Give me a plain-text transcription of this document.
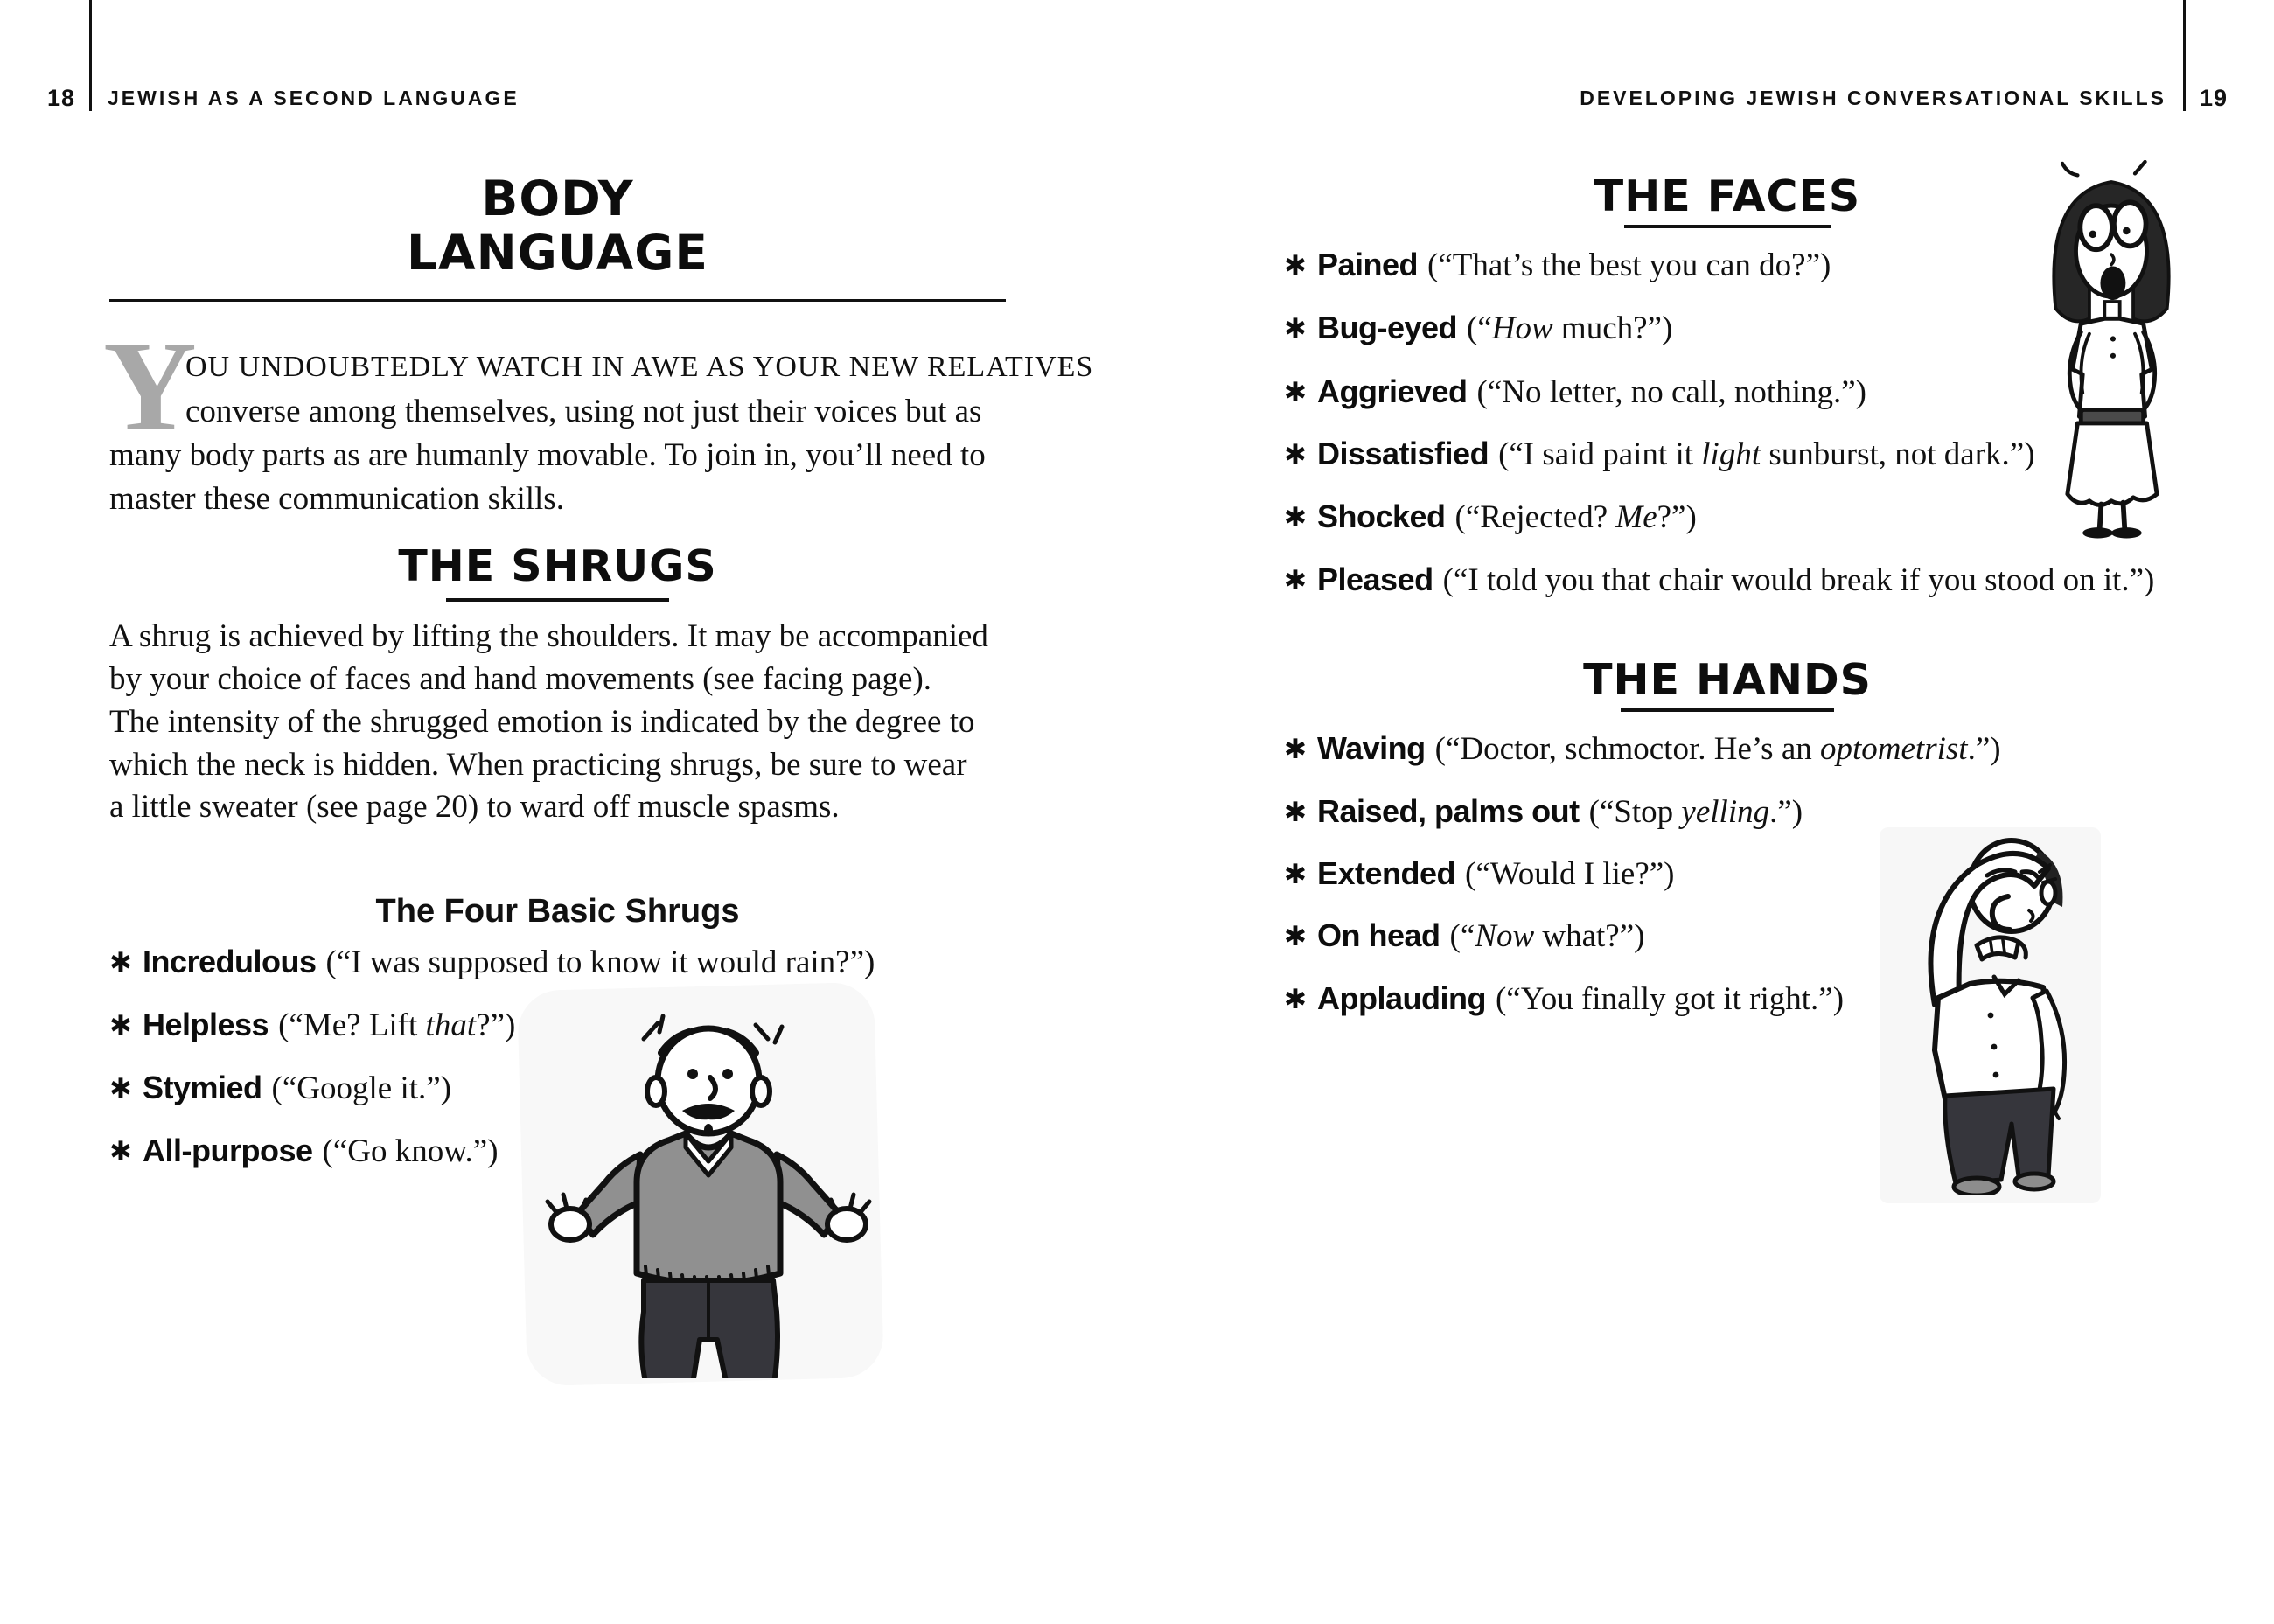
18 JEWISH AS A SECOND LANGUAGE
BODY
LANGUAGE
Y
OU UNDOUBTEDLY WATCH IN AWE AS YOUR NEW RELATIVES
converse among themselves, using not just their voices but as
many body parts as are humanly movable. To join in, you’ll need to
master these communication skills.
THE SHRUGS
A shrug is achieved by lifting the shoulders. It may be accompanied
by your choice of faces and hand movements (see facing page).
The intensity of the shrugged emotion is indicated by the degree to
which the neck is hidden. When practicing shrugs, be sure to wear
a little sweater (see page 20) to ward off muscle spasms.
The Four Basic Shrugs
✱ Incredulous (“I was supposed to know it would rain?”)
✱ Helpless (“Me? Lift that?”)
✱ Stymied (“Google it.”)
✱ All-purpose (“Go know.”)
DEVELOPING JEWISH CONVERSATIONAL SKILLS 19
THE FACES
✱ Pained (“That’s the best you can do?”)
✱ Bug-eyed (“How much?”)
✱ Aggrieved (“No letter, no call, nothing.”)
✱ Dissatisfied (“I said paint it light sunburst, not dark.”)
✱ Shocked (“Rejected? Me?”)
✱ Pleased (“I told you that chair would break if you stood on it.”)
THE HANDS
✱ Waving (“Doctor, schmoctor. He’s an optometrist.”)
✱ Raised, palms out (“Stop yelling.”)
✱ Extended (“Would I lie?”)
✱ On head (“Now what?”)
✱ Applauding (“You finally got it right.”)
